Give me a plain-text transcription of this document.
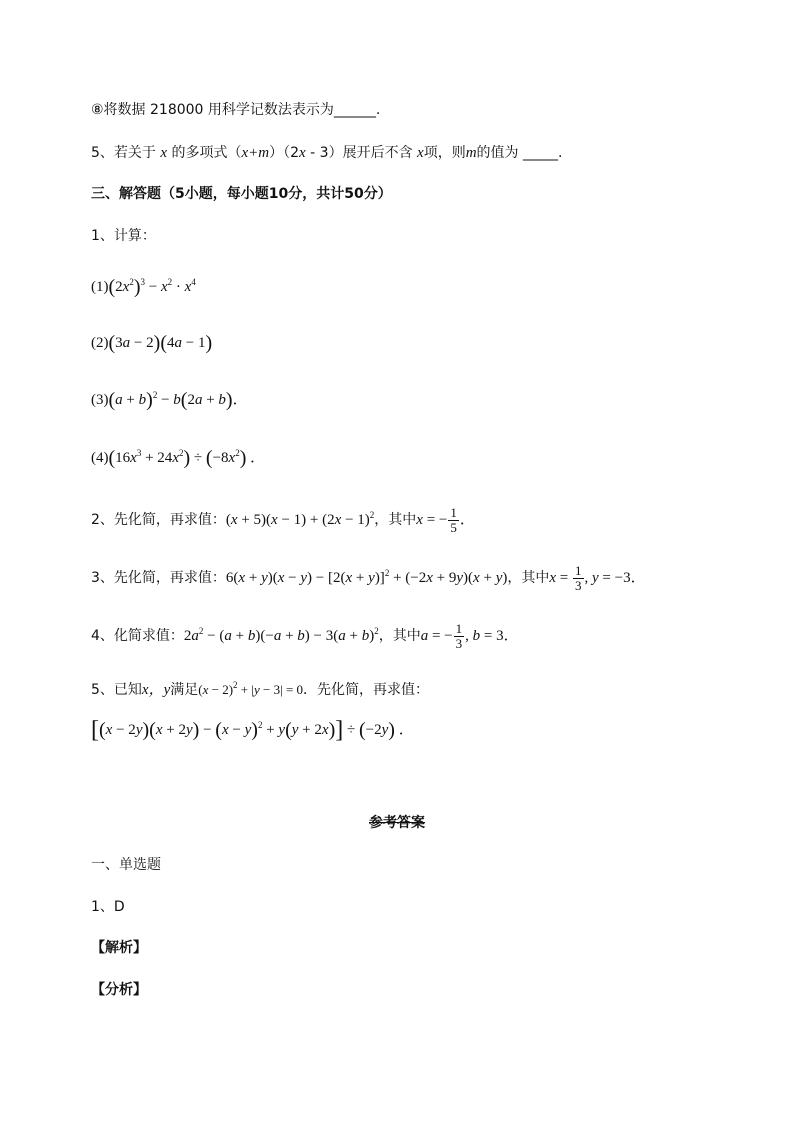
⑧将数据 218000 用科学记数法表示为______.
5、若关于 x 的多项式（x+m）（2x - 3）展开后不含 x项，则m的值为 _____.
三、解答题（5小题，每小题10分，共计50分）
1、计算：
$(1)(2x^2)^3 - x^2 \cdot x^4$
(2)(3a − 2)(4a − 1)
$(3)(a + b)^2 - b(2a + b)$．
$(4)(16x^3 + 24x^2) \div (-8x^2)$ ．
2、先化简，再求值：$(x + 5)(x - 1) + (2x - 1)^2$，其中x = − $\frac{1}{5}$ ．
3、先化简，再求值：$6(x + y)(x - y) - [2(x + y)]^2 + (-2x + 9y)(x + y)$，其中$x = \frac{1}{3}$ , y = −3．
4、化简求值：$2a^2 - (a + b)(-a + b) - 3(a + b)^2$，其中a = − $\frac{1}{3}$ , b = 3．
5、已知x，y满足$(x - 2)^2 + |y - 3| = 0$．先化简，再求值：
$[(x - 2y)(x + 2y) - (x - y)^2 + y(y + 2x)] \div (-2y)$ ．
参考答案
一、单选题
1、D
【解析】
【分析】
